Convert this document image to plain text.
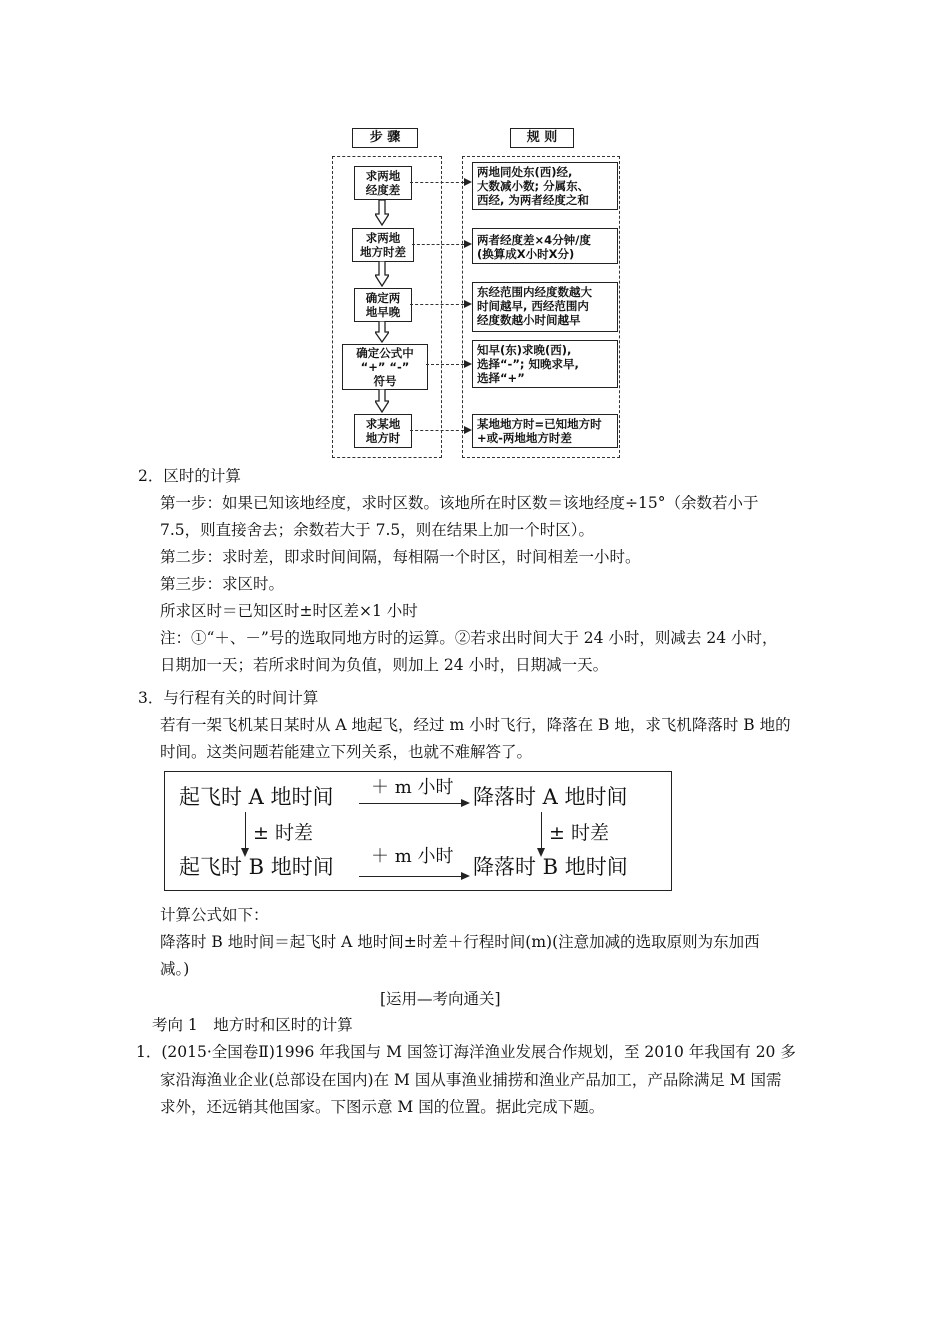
步 骤	规 则
求两地
经度差
求两地
地方时差
确定两
地早晚
确定公式中
“+” “-”
符号
求某地
地方时
两地同处东(西)经,
大数减小数; 分属东、
西经, 为两者经度之和
两者经度差×4分钟/度
(换算成X小时X分)
东经范围内经度数越大
时间越早, 西经范围内
经度数越小时间越早
知早(东)求晚(西),
选择“-”; 知晚求早,
选择“+”
某地地方时=已知地方时
+或-两地地方时差
2．区时的计算
第一步：如果已知该地经度，求时区数。该地所在时区数＝该地经度÷15°（余数若小于
7.5，则直接舍去；余数若大于 7.5，则在结果上加一个时区）。
第二步：求时差，即求时间间隔，每相隔一个时区，时间相差一小时。
第三步：求区时。
所求区时＝已知区时±时区差×1 小时
注：①“＋、－”号的选取同地方时的运算。②若求出时间大于 24 小时，则减去 24 小时，
日期加一天；若所求时间为负值，则加上 24 小时，日期减一天。
3．与行程有关的时间计算
若有一架飞机某日某时从 A 地起飞，经过 m 小时飞行，降落在 B 地，求飞机降落时 B 地的
时间。这类问题若能建立下列关系，也就不难解答了。
起飞时 A 地时间 ＋ m 小时 降落时 A 地时间
± 时差	± 时差
起飞时 B 地时间 ＋ m 小时 降落时 B 地时间
计算公式如下：
降落时 B 地时间＝起飞时 A 地时间±时差＋行程时间(m)(注意加减的选取原则为东加西
减。)
[运用—考向通关]
考向 1　地方时和区时的计算
1．(2015·全国卷Ⅱ)1996 年我国与 M 国签订海洋渔业发展合作规划，至 2010 年我国有 20 多
家沿海渔业企业(总部设在国内)在 M 国从事渔业捕捞和渔业产品加工，产品除满足 M 国需
求外，还远销其他国家。下图示意 M 国的位置。据此完成下题。
